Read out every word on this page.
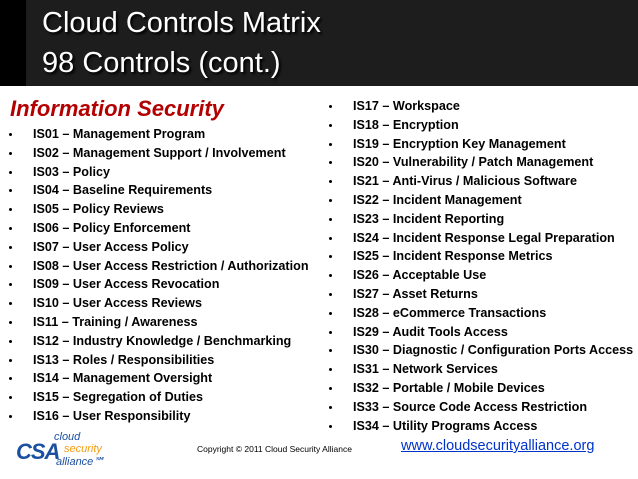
Cloud Controls Matrix
98 Controls (cont.)
Information Security
IS01 – Management Program
IS02 – Management Support / Involvement
IS03 – Policy
IS04 – Baseline Requirements
IS05 – Policy Reviews
IS06 – Policy Enforcement
IS07 – User Access Policy
IS08 – User Access Restriction / Authorization
IS09 – User Access Revocation
IS10 – User Access Reviews
IS11 – Training / Awareness
IS12 – Industry Knowledge / Benchmarking
IS13 – Roles / Responsibilities
IS14 – Management Oversight
IS15 – Segregation of Duties
IS16 – User Responsibility
IS17 – Workspace
IS18 – Encryption
IS19 – Encryption Key Management
IS20 – Vulnerability / Patch Management
IS21 – Anti-Virus / Malicious Software
IS22 – Incident Management
IS23 – Incident Reporting
IS24 – Incident Response Legal Preparation
IS25 – Incident Response Metrics
IS26 – Acceptable Use
IS27 – Asset Returns
IS28 – eCommerce Transactions
IS29 – Audit Tools Access
IS30 – Diagnostic / Configuration Ports Access
IS31 – Network Services
IS32 – Portable / Mobile Devices
IS33 – Source Code Access Restriction
IS34 – Utility Programs Access
CSA
cloud
security
alliance℠
Copyright © 2011 Cloud Security Alliance	www.cloudsecurityalliance.org
